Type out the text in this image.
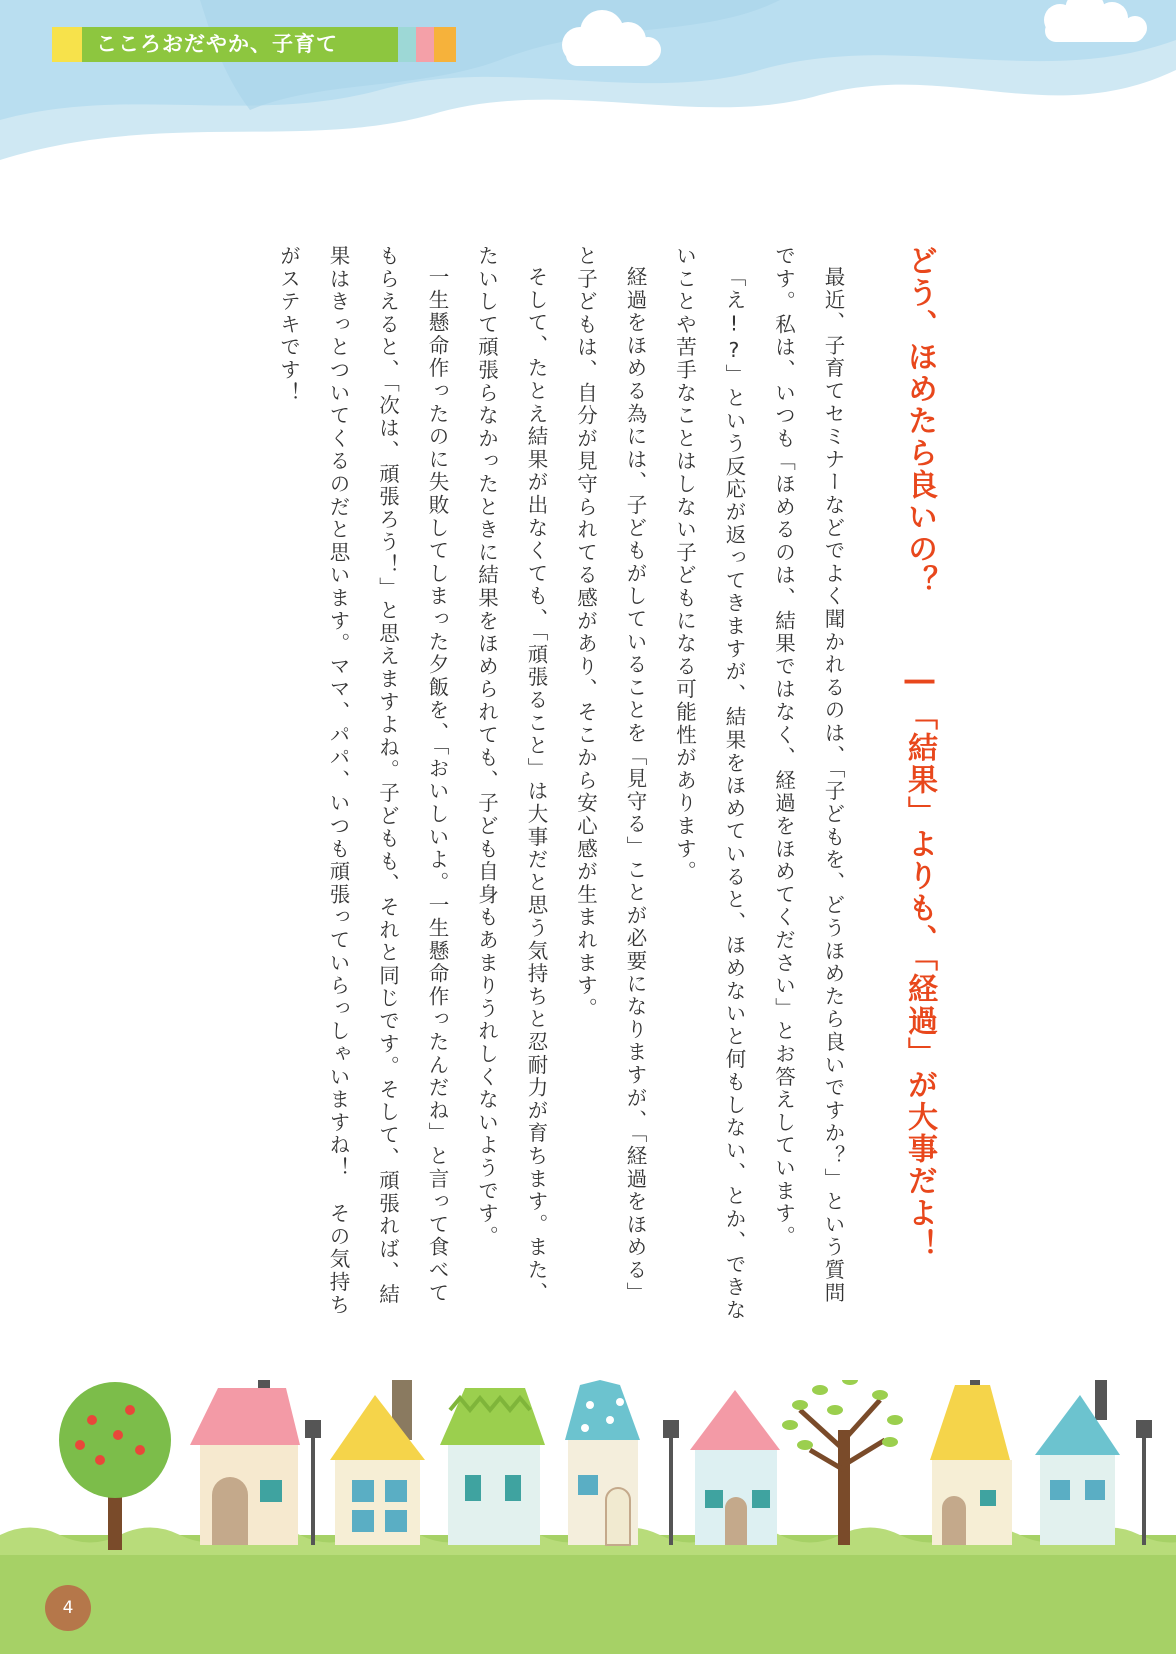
こころおだやか、子育て
どう、ほめたら良いの？―「結果」よりも、「経過」が大事だよ！

最近、子育てセミナーなどでよく聞かれるのは、「子どもを、どうほめたら良いですか？」という質問です。私は、いつも「ほめるのは、結果ではなく、経過をほめてください」とお答えしています。

「え!?」という反応が返ってきますが、結果をほめていると、ほめないと何もしない、とか、できないことや苦手なことはしない子どもになる可能性があります。

経過をほめる為には、子どもがしていることを「見守る」ことが必要になりますが、「経過をほめる」と子どもは、自分が見守られてる感があり、そこから安心感が生まれます。

そして、たとえ結果が出なくても、「頑張ること」は大事だと思う気持ちと忍耐力が育ちます。また、たいして頑張らなかったときに結果をほめられても、子ども自身もあまりうれしくないようです。

一生懸命作ったのに失敗してしまった夕飯を、「おいしいよ。一生懸命作ったんだね」と言って食べてもらえると、「次は、頑張ろう！」と思えますよね。子どもも、それと同じです。そして、頑張れば、結果はきっとついてくるのだと思います。ママ、パパ、いつも頑張っていらっしゃいますね！　その気持ちがステキです！

4
